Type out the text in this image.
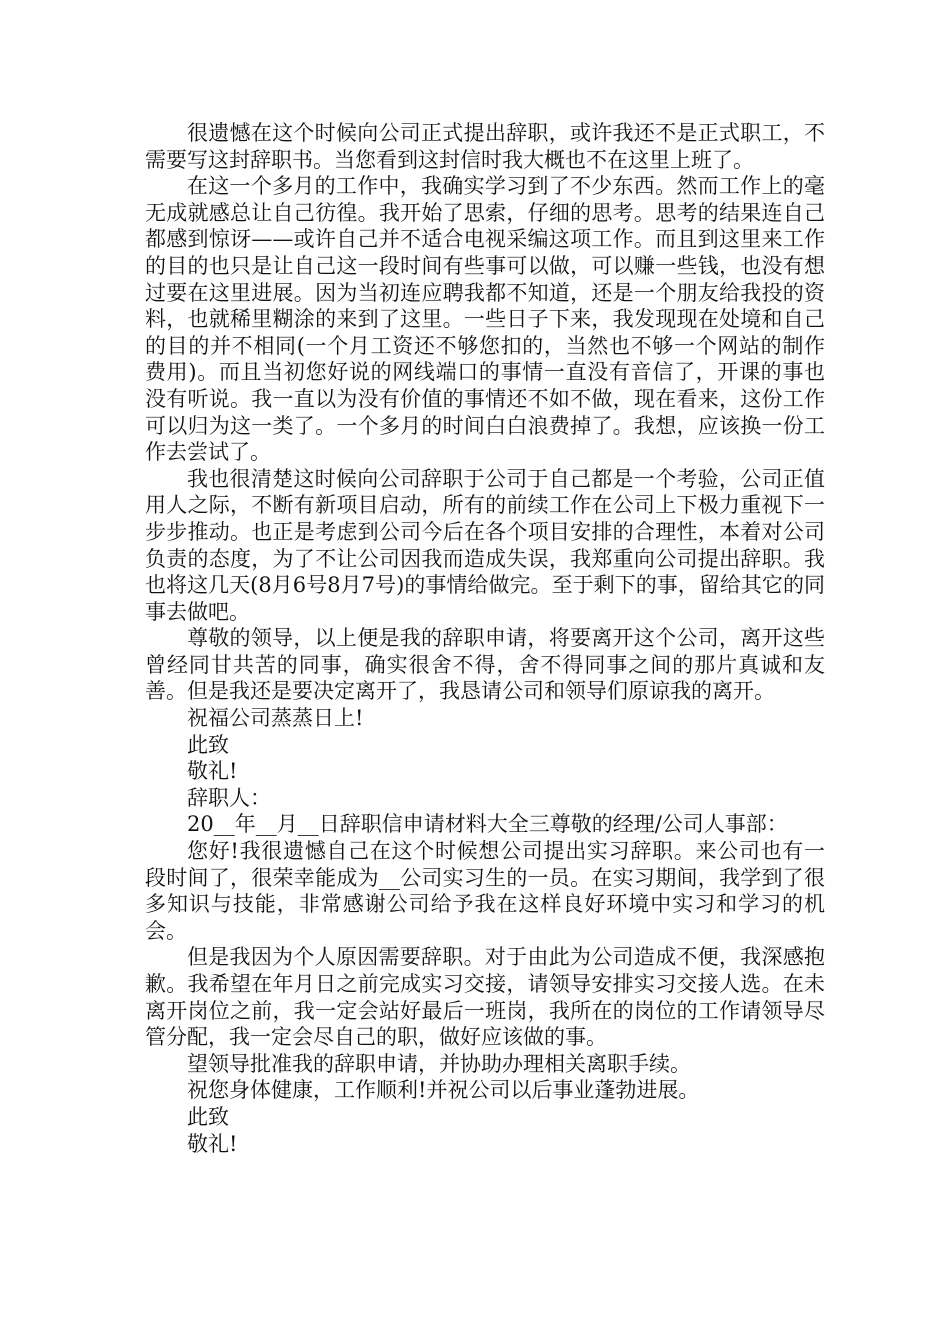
很遗憾在这个时候向公司正式提出辞职，或许我还不是正式职工，不需要写这封辞职书。当您看到这封信时我大概也不在这里上班了。

在这一个多月的工作中，我确实学习到了不少东西。然而工作上的毫无成就感总让自己彷徨。我开始了思索，仔细的思考。思考的结果连自己都感到惊讶——或许自己并不适合电视采编这项工作。而且到这里来工作的目的也只是让自己这一段时间有些事可以做，可以赚一些钱，也没有想过要在这里进展。因为当初连应聘我都不知道，还是一个朋友给我投的资料，也就稀里糊涂的来到了这里。一些日子下来，我发现现在处境和自己的目的并不相同(一个月工资还不够您扣的，当然也不够一个网站的制作费用)。而且当初您好说的网线端口的事情一直没有音信了，开课的事也没有听说。我一直以为没有价值的事情还不如不做，现在看来，这份工作可以归为这一类了。一个多月的时间白白浪费掉了。我想，应该换一份工作去尝试了。

我也很清楚这时候向公司辞职于公司于自己都是一个考验，公司正值用人之际，不断有新项目启动，所有的前续工作在公司上下极力重视下一步步推动。也正是考虑到公司今后在各个项目安排的合理性，本着对公司负责的态度，为了不让公司因我而造成失误，我郑重向公司提出辞职。我也将这几天(8月6号8月7号)的事情给做完。至于剩下的事，留给其它的同事去做吧。

尊敬的领导，以上便是我的辞职申请，将要离开这个公司，离开这些曾经同甘共苦的同事，确实很舍不得，舍不得同事之间的那片真诚和友善。但是我还是要决定离开了，我恳请公司和领导们原谅我的离开。

祝福公司蒸蒸日上!

此致

敬礼!

辞职人：

20__年__月__日辞职信申请材料大全三尊敬的经理/公司人事部：

您好!我很遗憾自己在这个时候想公司提出实习辞职。来公司也有一段时间了，很荣幸能成为__公司实习生的一员。在实习期间，我学到了很多知识与技能，非常感谢公司给予我在这样良好环境中实习和学习的机会。

但是我因为个人原因需要辞职。对于由此为公司造成不便，我深感抱歉。我希望在年月日之前完成实习交接，请领导安排实习交接人选。在未离开岗位之前，我一定会站好最后一班岗，我所在的岗位的工作请领导尽管分配，我一定会尽自己的职，做好应该做的事。

望领导批准我的辞职申请，并协助办理相关离职手续。

祝您身体健康，工作顺利!并祝公司以后事业蓬勃进展。

此致

敬礼!
